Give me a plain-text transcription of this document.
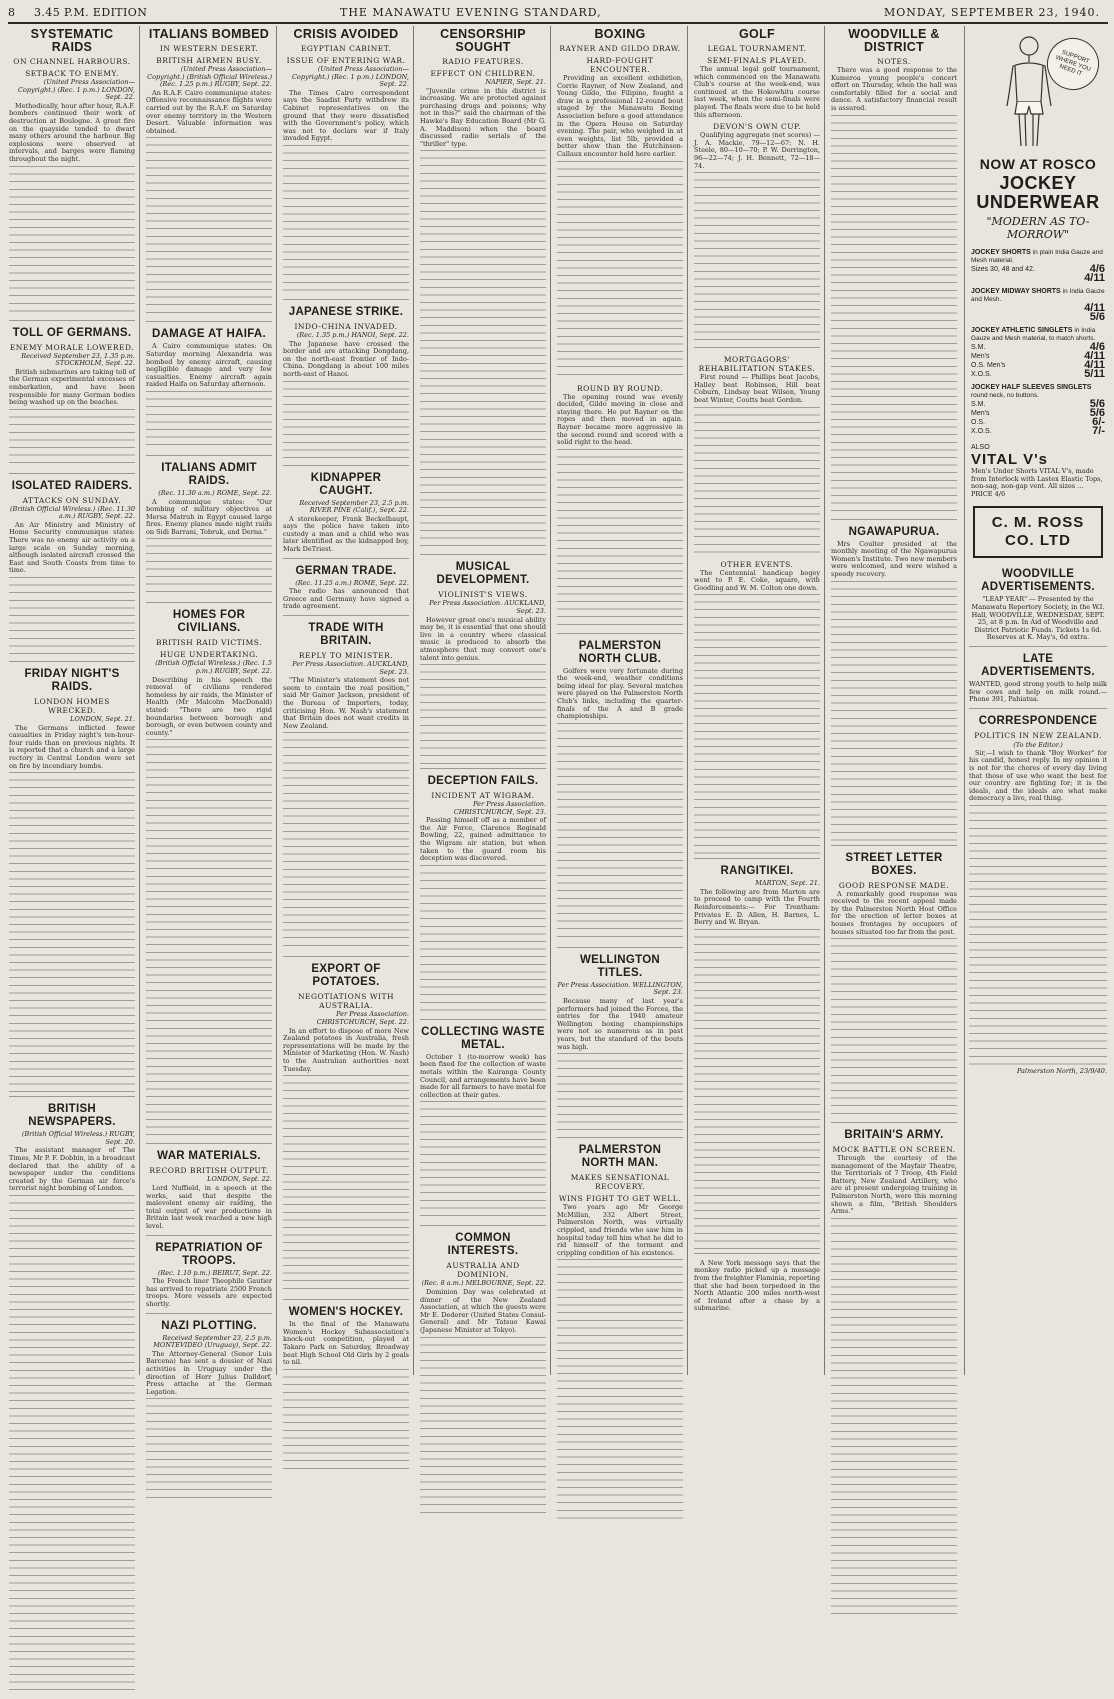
8 3.45 P.M. EDITION	THE MANAWATU EVENING STANDARD,	MONDAY, SEPTEMBER 23, 1940.
SYSTEMATIC RAIDS
ON CHANNEL HARBOURS.
SETBACK TO ENEMY.
(United Press Association—Copyright.) (Rec. 1 p.m.) LONDON, Sept. 22.

Methodically, hour after hour, R.A.F. bombers continued their work of destruction at Boulogne. A great fire on the quayside tended to dwarf many others around the harbour. Big explosions were observed at intervals, and barges were flaming throughout the night.

TOLL OF GERMANS.
ENEMY MORALE LOWERED.
Received September 23, 1.35 p.m. STOCKHOLM, Sept. 22.

British submarines are taking toll of the German experimental excesses of embarkation, and have been responsible for many German bodies being washed up on the beaches.

ISOLATED RAIDERS.
ATTACKS ON SUNDAY.
(British Official Wireless.) (Rec. 11.30 a.m.) RUGBY, Sept. 22.

An Air Ministry and Ministry of Home Security communique states: There was no enemy air activity on a large scale on Sunday morning, although isolated aircraft crossed the East and South Coasts from time to time.

FRIDAY NIGHT'S RAIDS.
LONDON HOMES WRECKED.
LONDON, Sept. 21.

The Germans inflicted fewer casualties in Friday night's ten-hour-four raids than on previous nights. It is reported that a church and a large rectory in Central London were set on fire by incendiary bombs.

BRITISH NEWSPAPERS.
(British Official Wireless.) RUGBY, Sept. 20.

The assistant manager of The Times, Mr P. F. Dobbin, in a broadcast declared that the ability of a newspaper under the conditions created by the German air force's terrorist night bombing of London.

ITALIANS BOMBED
IN WESTERN DESERT.
BRITISH AIRMEN BUSY.
(United Press Association—Copyright.) (British Official Wireless.) (Rec. 1.25 p.m.) RUGBY, Sept. 22.

An R.A.F. Cairo communique states: Offensive reconnaissance flights were carried out by the R.A.F. on Saturday over enemy territory in the Western Desert. Valuable information was obtained.

DAMAGE AT HAIFA.

A Cairo communique states: On Saturday morning Alexandria was bombed by enemy aircraft, causing negligible damage and very few casualties. Enemy aircraft again raided Haifa on Saturday afternoon.

ITALIANS ADMIT RAIDS.
(Rec. 11.30 a.m.) ROME, Sept. 22.

A communique states: "Our bombing of military objectives at Mersa Matruh in Egypt caused large fires. Enemy planes made night raids on Sidi Barrani, Tobruk, and Derna."

HOMES FOR CIVILIANS.
BRITISH RAID VICTIMS.
HUGE UNDERTAKING.
(British Official Wireless.) (Rec. 1.5 p.m.) RUGBY, Sept. 22.

Describing in his speech the removal of civilians rendered homeless by air raids, the Minister of Health (Mr Malcolm MacDonald) stated: "There are two rigid boundaries between borough and borough, or even between county and county."

WAR MATERIALS.
RECORD BRITISH OUTPUT.
LONDON, Sept. 22.

Lord Nuffield, in a speech at the works, said that despite the malevolent enemy air raiding, the total output of war productions in Britain last week reached a new high level.

REPATRIATION OF TROOPS.
(Rec. 1.10 p.m.) BEIRUT, Sept. 22.

The French liner Theophile Gautier has arrived to repatriate 2500 French troops. More vessels are expected shortly.

NAZI PLOTTING.
Received September 23, 2.5 p.m. MONTEVIDEO (Uruguay), Sept. 22.

The Attorney-General (Senor Luis Barcena) has sent a dossier of Nazi activities in Uruguay under the direction of Herr Julius Dalldorf, Press attache at the German Legation.

CRISIS AVOIDED
EGYPTIAN CABINET.
ISSUE OF ENTERING WAR.
(United Press Association—Copyright.) (Rec. 1 p.m.) LONDON, Sept. 22.

The Times Cairo correspondent says the Saadist Party withdrew its Cabinet representatives on the ground that they were dissatisfied with the Government's policy, which was not to declare war if Italy invaded Egypt.

JAPANESE STRIKE.
INDO-CHINA INVADED.
(Rec. 1.35 p.m.) HANOI, Sept. 22.

The Japanese have crossed the border and are attacking Dongdang, on the north-east frontier of Indo-China. Dongdang is about 100 miles north-east of Hanoi.

KIDNAPPER CAUGHT.
Received September 23, 2.5 p.m. RIVER PINE (Calif.), Sept. 22.

A storekeeper, Frank Beckelhaupt, says the police have taken into custody a man and a child who was later identified as the kidnapped boy, Mark DeTriest.

GERMAN TRADE.
(Rec. 11.25 a.m.) ROME, Sept. 22.

The radio has announced that Greece and Germany have signed a trade agreement.

TRADE WITH BRITAIN.
REPLY TO MINISTER.
Per Press Association. AUCKLAND, Sept. 23.

"The Minister's statement does not seem to contain the real position," said Mr Gainor Jackson, president of the Bureau of Importers, today, criticising Hon. W. Nash's statement that Britain does not want credits in New Zealand.

EXPORT OF POTATOES.
NEGOTIATIONS WITH AUSTRALIA.
Per Press Association. CHRISTCHURCH, Sept. 22.

In an effort to dispose of more New Zealand potatoes in Australia, fresh representations will be made by the Minister of Marketing (Hon. W. Nash) to the Australian authorities next Tuesday.

WOMEN'S HOCKEY.

In the final of the Manawatu Women's Hockey Subassociation's knock-out competition, played at Takaro Park on Saturday, Broadway beat High School Old Girls by 2 goals to nil.

CENSORSHIP SOUGHT
RADIO FEATURES.
EFFECT ON CHILDREN.
NAPIER, Sept. 21.

"Juvenile crime in this district is increasing. We are protected against purchasing drugs and poisons; why not in this?" said the chairman of the Hawke's Bay Education Board (Mr G. A. Maddison) when the board discussed radio serials of the "thriller" type.

MUSICAL DEVELOPMENT.
VIOLINIST'S VIEWS.
Per Press Association. AUCKLAND, Sept. 23.

However great one's musical ability may be, it is essential that one should live in a country where classical music is produced to absorb the atmosphere that may convert one's talent into genius.

DECEPTION FAILS.
INCIDENT AT WIGRAM.
Per Press Association. CHRISTCHURCH, Sept. 23.

Passing himself off as a member of the Air Force, Clarence Reginald Bowling, 22, gained admittance to the Wigram air station, but when taken to the guard room his deception was discovered.

COLLECTING WASTE METAL.

October 1 (to-morrow week) has been fixed for the collection of waste metals within the Kairanga County Council, and arrangements have been made for all farmers to have metal for collection at their gates.

COMMON INTERESTS.
AUSTRALIA AND DOMINION.
(Rec. 8 a.m.) MELBOURNE, Sept. 22.

Dominion Day was celebrated at dinner of the New Zealand Association, at which the guests were Mr E. Dederer (United States Consul-General) and Mr Tatsuo Kawai (Japanese Minister at Tokyo).

BOXING
RAYNER AND GILDO DRAW.
HARD-FOUGHT ENCOUNTER.

Providing an excellent exhibition, Corrie Rayner, of New Zealand, and Young Gildo, the Filipino, fought a draw in a professional 12-round bout staged by the Manawatu Boxing Association before a good attendance in the Opera House on Saturday evening. The pair, who weighed in at even weights, list 5lb, provided a better show than the Hutchinson-Callaux encounter held here earlier.

ROUND BY ROUND.

The opening round was evenly decided, Gildo moving in close and staying there. He put Rayner on the ropes and then moved in again. Rayner became more aggressive in the second round and scored with a solid right to the head.

PALMERSTON NORTH CLUB.

Golfers were very fortunate during the week-end, weather conditions being ideal for play. Several matches were played on the Palmerston North Club's links, including the quarter-finals of the A and B grade championships.

WELLINGTON TITLES.
Per Press Association. WELLINGTON, Sept. 23.

Because many of last year's performers had joined the Forces, the entries for the 1940 amateur Wellington boxing championships were not so numerous as in past years, but the standard of the bouts was high.

PALMERSTON NORTH MAN.
MAKES SENSATIONAL RECOVERY.
WINS FIGHT TO GET WELL.

Two years ago Mr George McMillan, 332 Albert Street, Palmerston North, was virtually crippled, and friends who saw him in hospital today tell him what he did to rid himself of the torment and crippling condition of his existence.

GOLF
LEGAL TOURNAMENT.
SEMI-FINALS PLAYED.

The annual legal golf tournament, which commenced on the Manawatu Club's course at the week-end, was continued at the Hokowhitu course last week, when the semi-finals were played. The finals were due to be held this afternoon.

DEVON'S OWN CUP.

Qualifying aggregate (net scores) — J. A. Mackie, 79—12—67; N. H. Steele, 80—10—70; P. W. Dorrington, 96—22—74; J. H. Bennett, 72—18—74.

MORTGAGORS' REHABILITATION STAKES.

First round — Phillips beat Jacobs, Halley beat Robinson, Hill beat Coburn, Lindsay beat Wilson, Young beat Winter, Coutts beat Gordon.

OTHER EVENTS.

The Centennial handicap bogey went to P. E. Coke, square, with Goodling and W. M. Colton one down.

RANGITIKEI.
MARTON, Sept. 21.

The following are from Marton are to proceed to camp with the Fourth Reinforcements:— For Trentham: Privates E. D. Allen, H. Barnes, L. Berry and W. Bryan.

A New York message says that the monkey radio picked up a message from the freighter Flaminia, reporting that she had been torpedoed in the North Atlantic 200 miles north-west of Ireland after a chase by a submarine.

WOODVILLE & DISTRICT
NOTES.

There was a good response to the Kumeroa young people's concert effort on Thursday, when the hall was comfortably filled for a social and dance. A satisfactory financial result is assured.

NGAWAPURUA.

Mrs Coulter presided at the monthly meeting of the Ngawapurua Women's Institute. Two new members were welcomed, and were wished a speedy recovery.

STREET LETTER BOXES.
GOOD RESPONSE MADE.

A remarkably good response was received to the recent appeal made by the Palmerston North Host Office for the erection of letter boxes at houses frontages by occupiers of houses situated too far from the post.

BRITAIN'S ARMY.
MOCK BATTLE ON SCREEN.

Through the courtesy of the management of the Mayfair Theatre, the Territorials of 7 Troop, 4th Field Battery, New Zealand Artillery, who are at present undergoing training in Palmerston North, were this morning shown a film, "British Shoulders Arms."

SUPPORT WHERE YOU NEED IT
NOW AT ROSCO
JOCKEY UNDERWEAR
"MODERN AS TO-MORROW"
JOCKEY SHORTS in plain India Gauze and Mesh material.
Sizes 30, 48 and 42.	4/6
4/11
JOCKEY MIDWAY SHORTS in India Gauze and Mesh.
4/11
5/6
JOCKEY ATHLETIC SINGLETS in India Gauze and Mesh material, to match shorts.
S.M.	4/6
Men's	4/11
O.S. Men's	4/11
X.O.S.	5/11
JOCKEY HALF SLEEVES SINGLETS round neck, no buttons.
S.M.	5/6
Men's	5/6
O.S.	6/-
X.O.S.	7/-
ALSO
VITAL V's
Men's Under Shorts VITAL V's, made from Interlock with Lastex Elastic Tops, non-sag, non-gap vent. All sizes ... PRICE 4/6
C. M. ROSS CO. LTD
WOODVILLE ADVERTISEMENTS.
"LEAP YEAR" — Presented by the Manawatu Repertory Society, in the W.I. Hall, WOODVILLE, WEDNESDAY, SEPT. 25, at 8 p.m. In Aid of Woodville and District Patriotic Funds. Tickets 1s 6d. Reserves at K. May's, 6d extra.
LATE ADVERTISEMENTS.
WANTED, good strong youth to help milk few cows and help on milk round.—Phone 391, Pahiatua.
CORRESPONDENCE
POLITICS IN NEW ZEALAND.
(To the Editor.)

Sir,—I wish to thank "Boy Worker" for his candid, honest reply. In my opinion it is not for the chores of every day living that those of use who want the best for our country are fighting for; it is the ideals, and the ideals are what make democracy a live, real thing.

Palmerston North, 23/9/40.
